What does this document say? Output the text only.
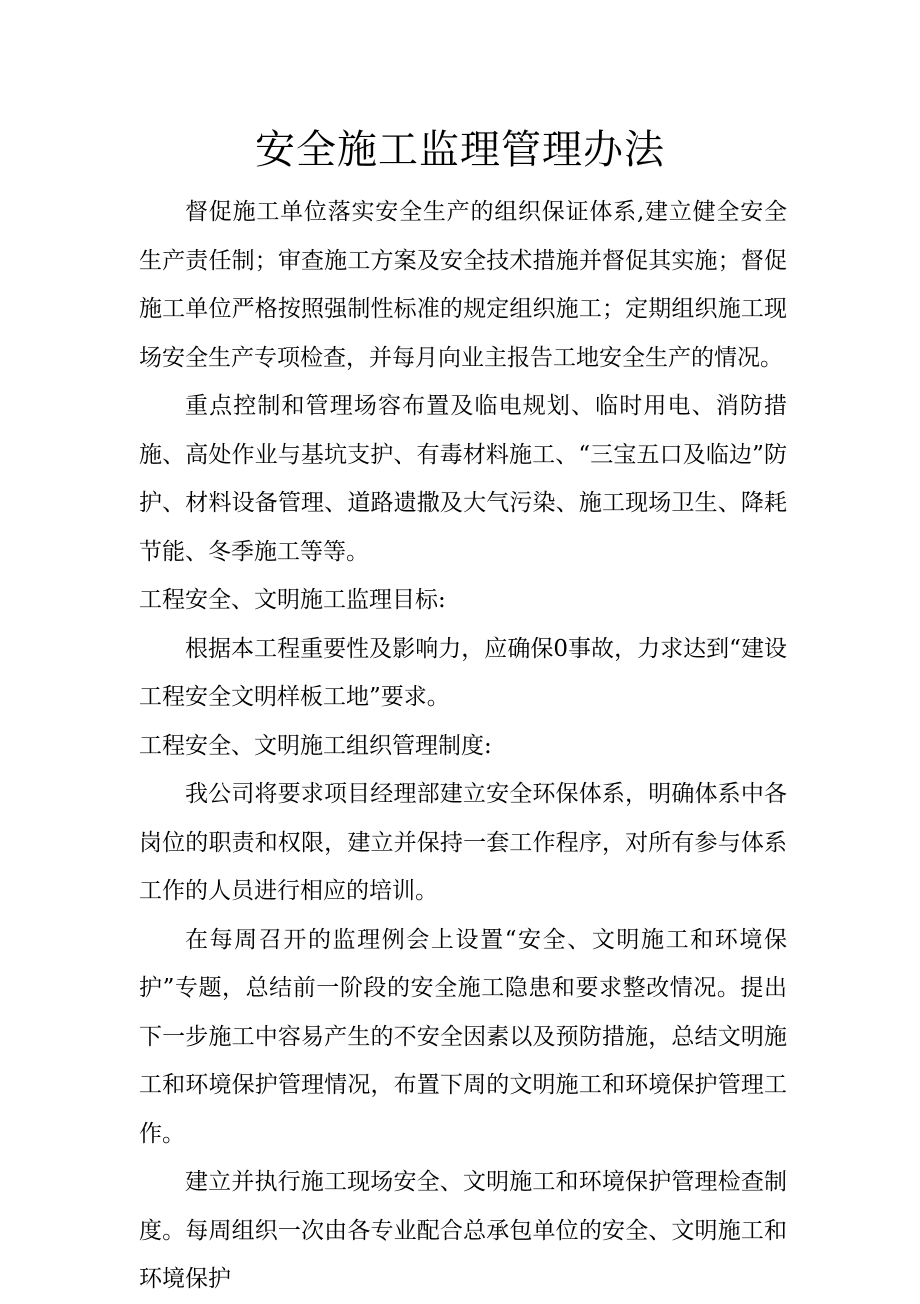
安全施工监理管理办法

督促施工单位落实安全生产的组织保证体系,建立健全安全生产责任制；审查施工方案及安全技术措施并督促其实施；督促施工单位严格按照强制性标准的规定组织施工；定期组织施工现场安全生产专项检查，并每月向业主报告工地安全生产的情况。

重点控制和管理场容布置及临电规划、临时用电、消防措施、高处作业与基坑支护、有毒材料施工、“三宝五口及临边”防护、材料设备管理、道路遗撒及大气污染、施工现场卫生、降耗节能、冬季施工等等。

工程安全、文明施工监理目标:

根据本工程重要性及影响力，应确保0事故，力求达到“建设工程安全文明样板工地”要求。

工程安全、文明施工组织管理制度:

我公司将要求项目经理部建立安全环保体系，明确体系中各岗位的职责和权限，建立并保持一套工作程序，对所有参与体系工作的人员进行相应的培训。

在每周召开的监理例会上设置“安全、文明施工和环境保护”专题，总结前一阶段的安全施工隐患和要求整改情况。提出下一步施工中容易产生的不安全因素以及预防措施，总结文明施工和环境保护管理情况，布置下周的文明施工和环境保护管理工作。

建立并执行施工现场安全、文明施工和环境保护管理检查制度。每周组织一次由各专业配合总承包单位的安全、文明施工和环境保护
